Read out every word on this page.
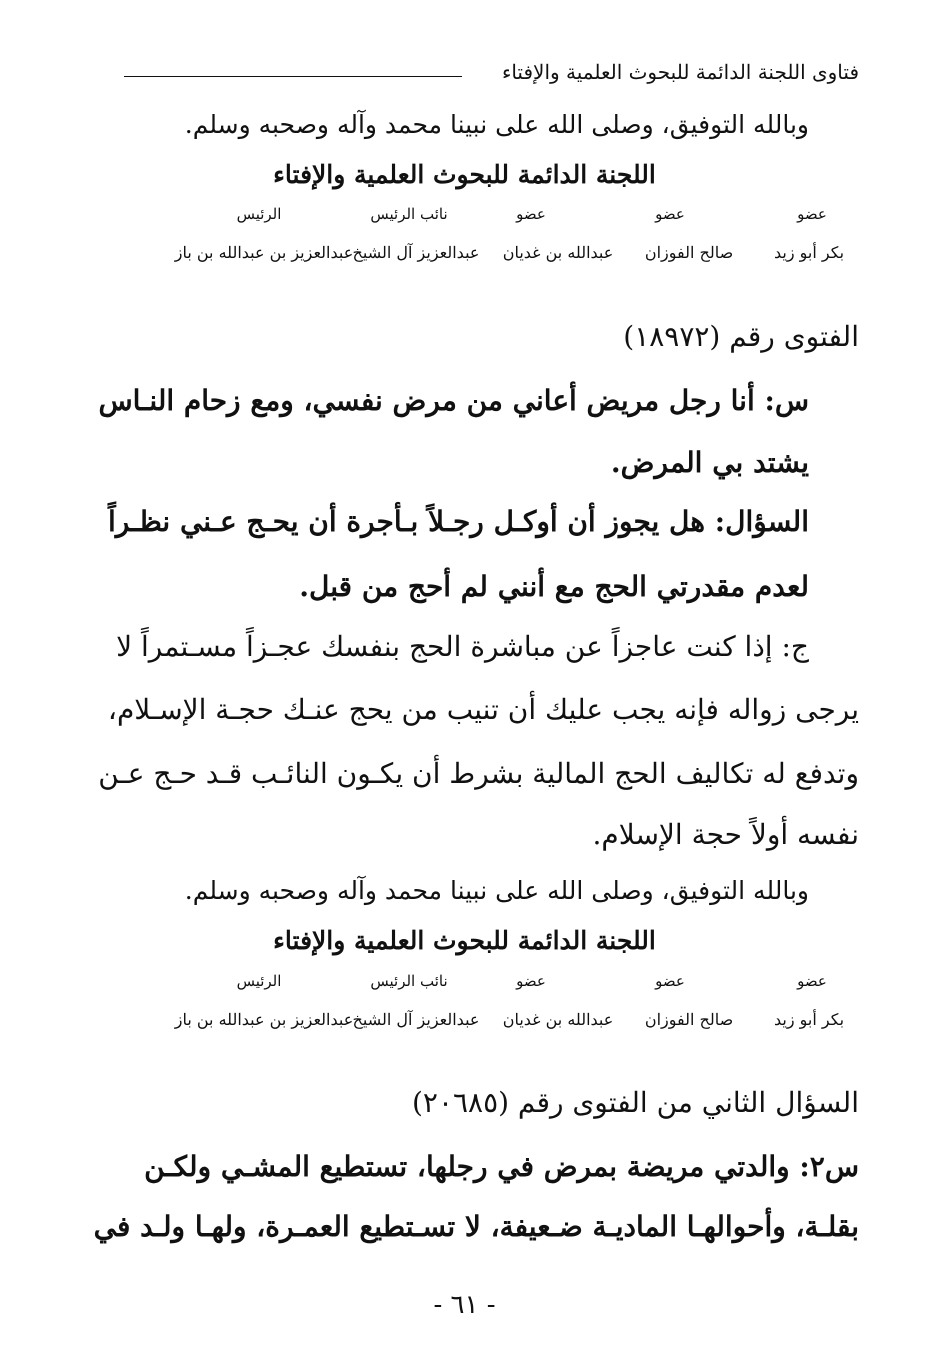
فتاوى اللجنة الدائمة للبحوث العلمية والإفتاء
وبالله التوفيق، وصلى الله على نبينا محمد وآله وصحبه وسلم.
اللجنة الدائمة للبحوث العلمية والإفتاء
عضو
عضو
عضو
نائب الرئيس
الرئيس
بكر أبو زيد
صالح الفوزان
عبدالله بن غديان
عبدالعزيز آل الشيخ
عبدالعزيز بن عبدالله بن باز
الفتوى رقم (١٨٩٧٢)
س: أنا رجل مريض أعاني من مرض نفسي، ومع زحام النـاس
يشتد بي المرض.
السؤال: هل يجوز أن أوكـل رجـلاً بـأجرة أن يحـج عـني نظـراً
لعدم مقدرتي الحج مع أنني لم أحج من قبل.
ج: إذا كنت عاجزاً عن مباشرة الحج بنفسك عجـزاً مسـتمراً لا
يرجى زواله فإنه يجب عليك أن تنيب من يحج عنـك حجـة الإسـلام،
وتدفع له تكاليف الحج المالية بشرط أن يكـون النائـب قـد حـج عـن
نفسه أولاً حجة الإسلام.
وبالله التوفيق، وصلى الله على نبينا محمد وآله وصحبه وسلم.
اللجنة الدائمة للبحوث العلمية والإفتاء
عضو
عضو
عضو
نائب الرئيس
الرئيس
بكر أبو زيد
صالح الفوزان
عبدالله بن غديان
عبدالعزيز آل الشيخ
عبدالعزيز بن عبدالله بن باز
السؤال الثاني من الفتوى رقم (٢٠٦٨٥)
س٢: والدتي مريضة بمرض في رجلها، تستطيع المشـي ولكـن
بقلـة، وأحوالهـا الماديـة ضـعيفة، لا تسـتطيع العمـرة، ولهـا ولـد في
- ٦١ -
